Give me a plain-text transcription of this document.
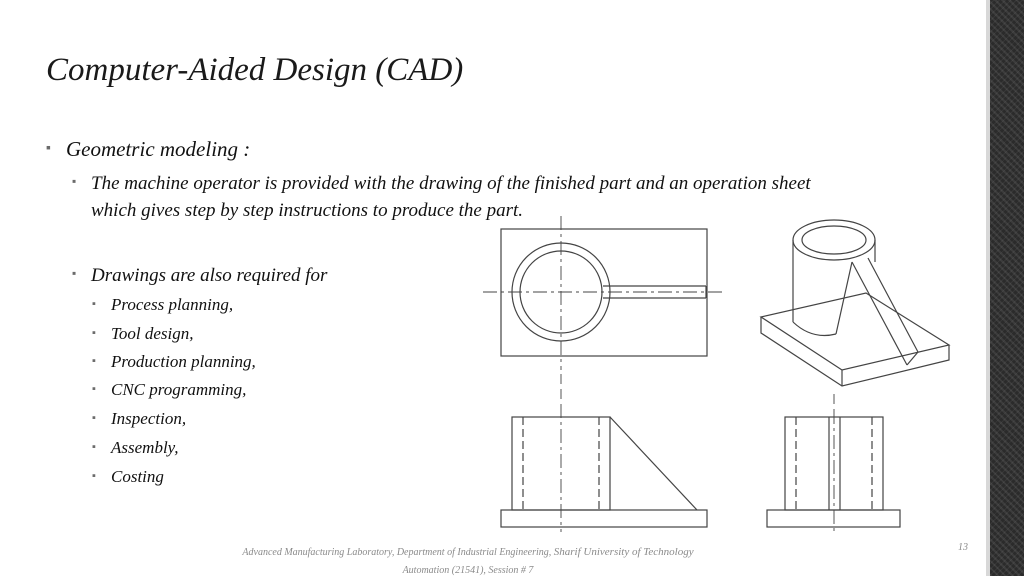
Computer-Aided Design (CAD)
▪ Geometric modeling :
▪ The machine operator is provided with the drawing of the finished part and an operation sheet which gives step by step instructions to produce the part.
▪ Drawings are also required for
▪ Process planning,
▪ Tool design,
▪ Production planning,
▪ CNC programming,
▪ Inspection,
▪ Assembly,
▪ Costing
Advanced Manufacturing Laboratory, Department of Industrial Engineering, Sharif University of Technology
Automation (21541), Session # 7
13
